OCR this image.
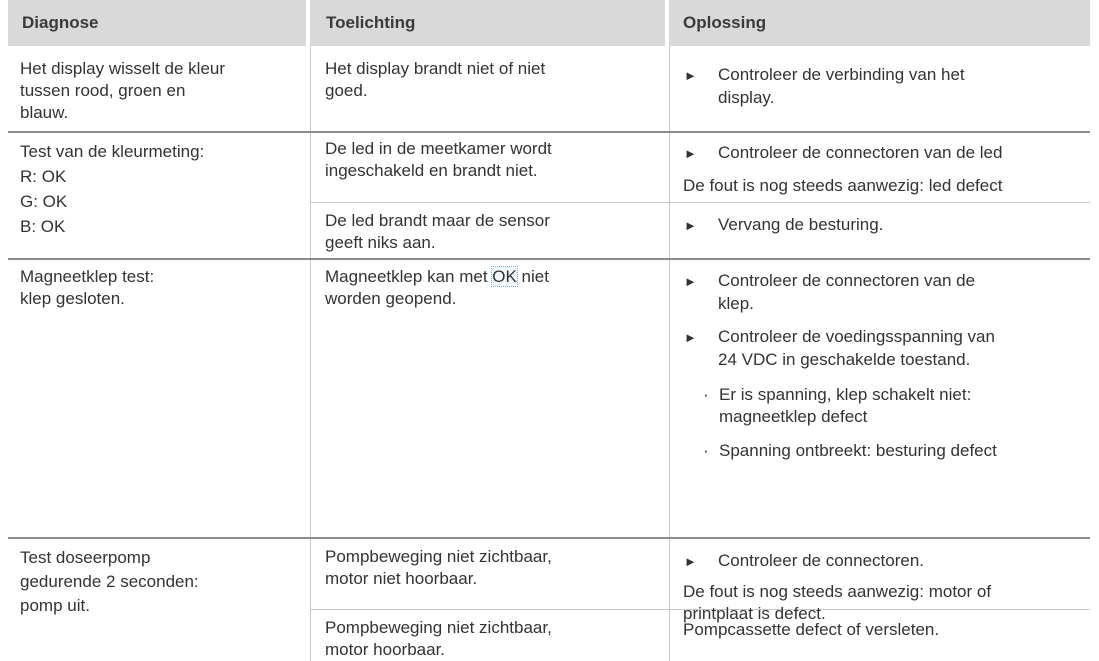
Diagnose	Toelichting	Oplossing
Het display wisselt de kleur
tussen rood, groen en
blauw.
Het display brandt niet of niet
goed.
► Controleer de verbinding van het
display.
Test van de kleurmeting:
R: OK
G: OK
B: OK
De led in de meetkamer wordt
ingeschakeld en brandt niet.
► Controleer de connectoren van de led
De fout is nog steeds aanwezig: led defect
De led brandt maar de sensor
geeft niks aan.
► Vervang de besturing.
Magneetklep test:
klep gesloten.
Magneetklep kan met OK niet
worden geopend.
► Controleer de connectoren van de
klep.
► Controleer de voedingsspanning van
24 VDC in geschakelde toestand.
· Er is spanning, klep schakelt niet:
magneetklep defect
· Spanning ontbreekt: besturing defect
Test doseerpomp
gedurende 2 seconden:
pomp uit.
Pompbeweging niet zichtbaar,
motor niet hoorbaar.
► Controleer de connectoren.
De fout is nog steeds aanwezig: motor of
printplaat is defect.
Pompbeweging niet zichtbaar,
motor hoorbaar.
Pompcassette defect of versleten.
